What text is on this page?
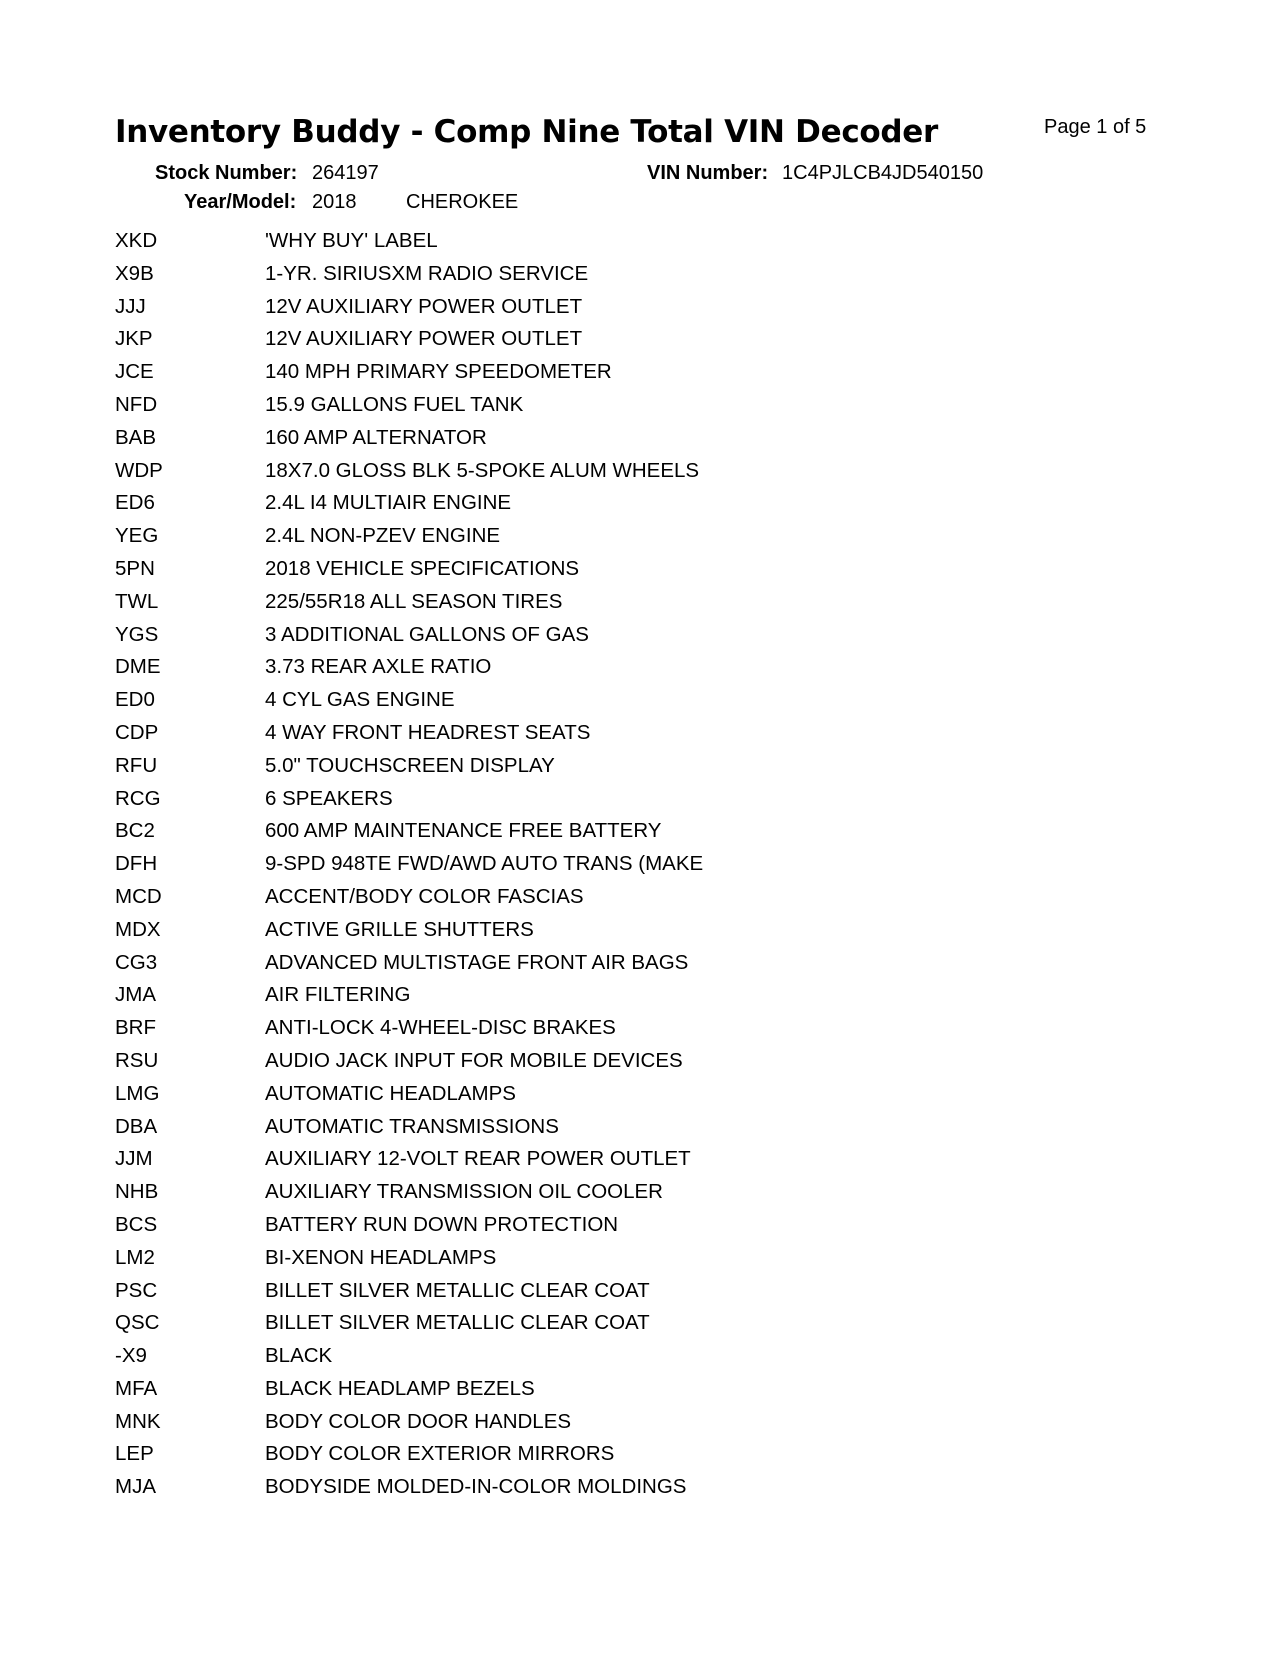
Inventory Buddy - Comp Nine Total VIN Decoder	Page 1 of 5
Stock Number: 264197	VIN Number: 1C4PJLCB4JD540150
Year/Model: 2018 CHEROKEE
XKD	'WHY BUY' LABEL
X9B	1-YR. SIRIUSXM RADIO SERVICE
JJJ	12V AUXILIARY POWER OUTLET
JKP	12V AUXILIARY POWER OUTLET
JCE	140 MPH PRIMARY SPEEDOMETER
NFD	15.9 GALLONS FUEL TANK
BAB	160 AMP ALTERNATOR
WDP	18X7.0 GLOSS BLK 5-SPOKE ALUM WHEELS
ED6	2.4L I4 MULTIAIR ENGINE
YEG	2.4L NON-PZEV ENGINE
5PN	2018 VEHICLE SPECIFICATIONS
TWL	225/55R18 ALL SEASON TIRES
YGS	3 ADDITIONAL GALLONS OF GAS
DME	3.73 REAR AXLE RATIO
ED0	4 CYL GAS ENGINE
CDP	4 WAY FRONT HEADREST SEATS
RFU	5.0" TOUCHSCREEN DISPLAY
RCG	6 SPEAKERS
BC2	600 AMP MAINTENANCE FREE BATTERY
DFH	9-SPD 948TE FWD/AWD AUTO TRANS (MAKE
MCD	ACCENT/BODY COLOR FASCIAS
MDX	ACTIVE GRILLE SHUTTERS
CG3	ADVANCED MULTISTAGE FRONT AIR BAGS
JMA	AIR FILTERING
BRF	ANTI-LOCK 4-WHEEL-DISC BRAKES
RSU	AUDIO JACK INPUT FOR MOBILE DEVICES
LMG	AUTOMATIC HEADLAMPS
DBA	AUTOMATIC TRANSMISSIONS
JJM	AUXILIARY 12-VOLT REAR POWER OUTLET
NHB	AUXILIARY TRANSMISSION OIL COOLER
BCS	BATTERY RUN DOWN PROTECTION
LM2	BI-XENON HEADLAMPS
PSC	BILLET SILVER METALLIC CLEAR COAT
QSC	BILLET SILVER METALLIC CLEAR COAT
-X9	BLACK
MFA	BLACK HEADLAMP BEZELS
MNK	BODY COLOR DOOR HANDLES
LEP	BODY COLOR EXTERIOR MIRRORS
MJA	BODYSIDE MOLDED-IN-COLOR MOLDINGS
